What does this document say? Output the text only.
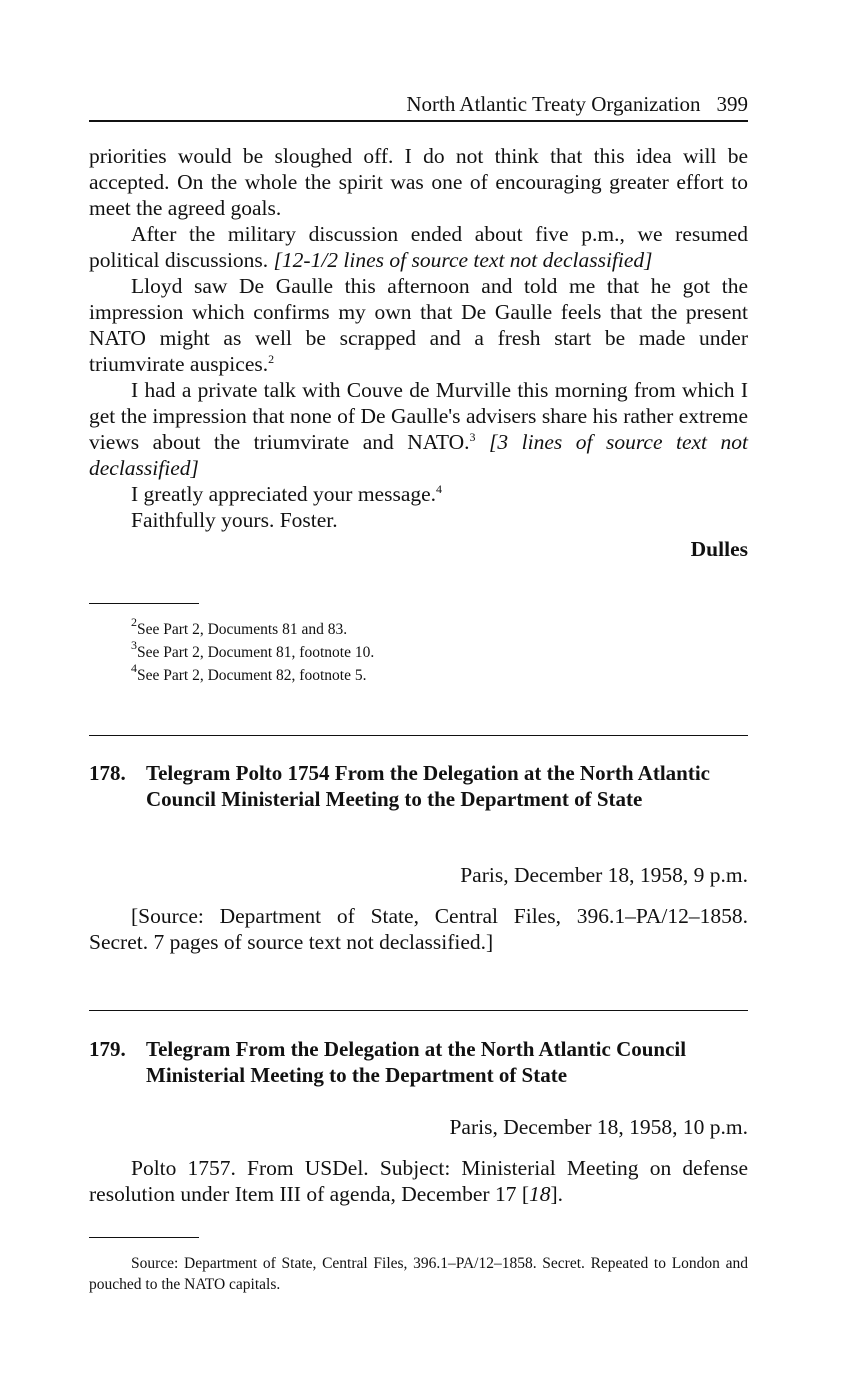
North Atlantic Treaty Organization 399

priorities would be sloughed off. I do not think that this idea will be accepted. On the whole the spirit was one of encouraging greater effort to meet the agreed goals.

After the military discussion ended about five p.m., we resumed political discussions. [12-1/2 lines of source text not declassified]

Lloyd saw De Gaulle this afternoon and told me that he got the impression which confirms my own that De Gaulle feels that the present NATO might as well be scrapped and a fresh start be made under triumvirate auspices.$^2$

I had a private talk with Couve de Murville this morning from which I get the impression that none of De Gaulle's advisers share his rather extreme views about the triumvirate and NATO.$^3$ [3 lines of source text not declassified]

I greatly appreciated your message.$^4$

Faithfully yours. Foster.

Dulles

$^2$See Part 2, Documents 81 and 83.

$^3$See Part 2, Document 81, footnote 10.

$^4$See Part 2, Document 82, footnote 5.

178. Telegram Polto 1754 From the Delegation at the North Atlantic Council Ministerial Meeting to the Department of State
Paris, December 18, 1958, 9 p.m.

[Source: Department of State, Central Files, 396.1–PA/12–1858. Secret. 7 pages of source text not declassified.]

179. Telegram From the Delegation at the North Atlantic Council Ministerial Meeting to the Department of State
Paris, December 18, 1958, 10 p.m.

Polto 1757. From USDel. Subject: Ministerial Meeting on defense resolution under Item III of agenda, December 17 [18].

Source: Department of State, Central Files, 396.1–PA/12–1858. Secret. Repeated to London and pouched to the NATO capitals.
